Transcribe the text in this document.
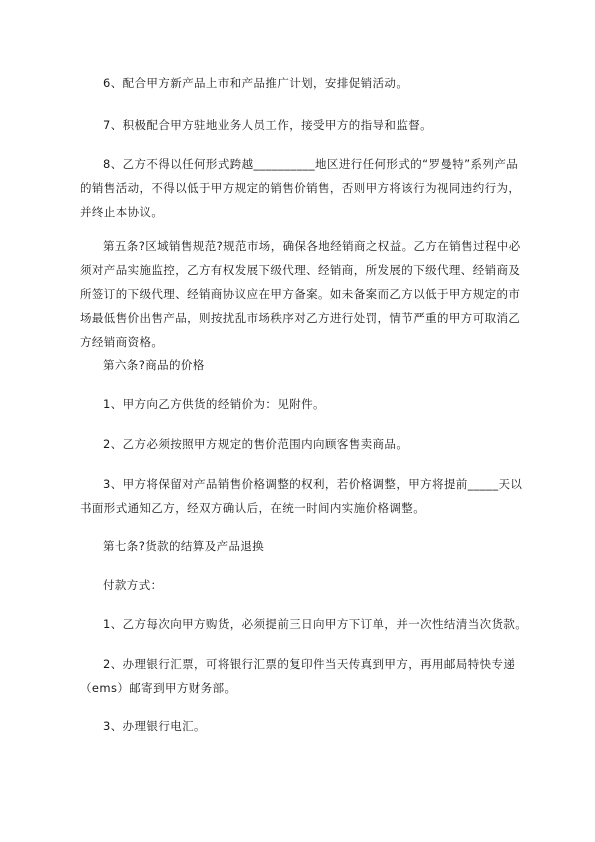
6、配合甲方新产品上市和产品推广计划，安排促销活动。

7、积极配合甲方驻地业务人员工作，接受甲方的指导和监督。

8、乙方不得以任何形式跨越__________地区进行任何形式的“罗曼特”系列产品
的销售活动，不得以低于甲方规定的销售价销售，否则甲方将该行为视同违约行为，
并终止本协议。

第五条?区域销售规范?规范市场，确保各地经销商之权益。乙方在销售过程中必
须对产品实施监控，乙方有权发展下级代理、经销商，所发展的下级代理、经销商及
所签订的下级代理、经销商协议应在甲方备案。如未备案而乙方以低于甲方规定的市
场最低售价出售产品，则按扰乱市场秩序对乙方进行处罚，情节严重的甲方可取消乙
方经销商资格。

第六条?商品的价格

1、甲方向乙方供货的经销价为：见附件。

2、乙方必须按照甲方规定的售价范围内向顾客售卖商品。

3、甲方将保留对产品销售价格调整的权利，若价格调整，甲方将提前_____天以
书面形式通知乙方，经双方确认后，在统一时间内实施价格调整。

第七条?货款的结算及产品退换

付款方式：

1、乙方每次向甲方购货，必须提前三日向甲方下订单，并一次性结清当次货款。

2、办理银行汇票，可将银行汇票的复印件当天传真到甲方，再用邮局特快专递
（ems）邮寄到甲方财务部。

3、办理银行电汇。
